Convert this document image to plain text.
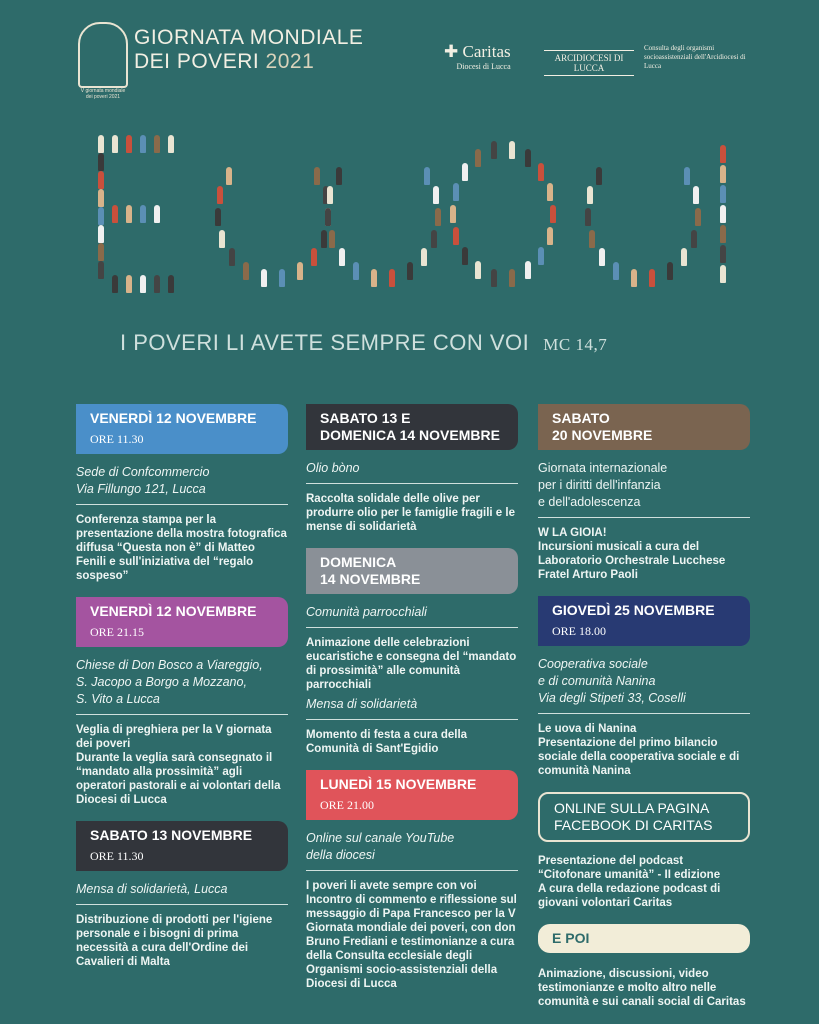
V giornata mondiale dei poveri 2021
GIORNATA MONDIALE
DEI POVERI 2021	✚ Caritas
Diocesi di Lucca
ARCIDIOCESI DI LUCCA
Consulta degli organismi socioassistenziali dell'Arcidiocesi di Lucca
I POVERI LI AVETE SEMPRE CON VOI MC 14,7
VENERDÌ 12 NOVEMBRE
ORE 11.30
Sede di Confcommercio
Via Fillungo 121, Lucca
Conferenza stampa per la presentazione della mostra fotografica diffusa “Questa non è” di Matteo Fenili e sull'iniziativa del “regalo sospeso”
VENERDÌ 12 NOVEMBRE
ORE 21.15
Chiese di Don Bosco a Viareggio,
S. Jacopo a Borgo a Mozzano,
S. Vito a Lucca
Veglia di preghiera per la V giornata dei poveri
Durante la veglia sarà consegnato il “mandato alla prossimità” agli operatori pastorali e ai volontari della Diocesi di Lucca
SABATO 13 NOVEMBRE
ORE 11.30
Mensa di solidarietà, Lucca
Distribuzione di prodotti per l'igiene personale e i bisogni di prima necessità a cura dell'Ordine dei Cavalieri di Malta
SABATO 13 E
DOMENICA 14 NOVEMBRE
Olio bòno
Raccolta solidale delle olive per produrre olio per le famiglie fragili e le mense di solidarietà
DOMENICA
14 NOVEMBRE
Comunità parrocchiali
Animazione delle celebrazioni eucaristiche e consegna del “mandato di prossimità” alle comunità parrocchiali
Mensa di solidarietà
Momento di festa a cura della Comunità di Sant'Egidio
LUNEDÌ 15 NOVEMBRE
ORE 21.00
Online sul canale YouTube
della diocesi
I poveri li avete sempre con voi
Incontro di commento e riflessione sul messaggio di Papa Francesco per la V Giornata mondiale dei poveri, con don Bruno Frediani e testimonianze a cura della Consulta ecclesiale degli Organismi socio-assistenziali della Diocesi di Lucca
SABATO
20 NOVEMBRE
Giornata internazionale
per i diritti dell'infanzia
e dell'adolescenza
W LA GIOIA!
Incursioni musicali a cura del Laboratorio Orchestrale Lucchese Fratel Arturo Paoli
GIOVEDÌ 25 NOVEMBRE
ORE 18.00
Cooperativa sociale
e di comunità Nanina
Via degli Stipeti 33, Coselli
Le uova di Nanina
Presentazione del primo bilancio sociale della cooperativa sociale e di comunità Nanina
ONLINE SULLA PAGINA
FACEBOOK DI CARITAS
Presentazione del podcast
“Citofonare umanità” - II edizione
A cura della redazione podcast di giovani volontari Caritas
E POI
Animazione, discussioni, video testimonianze e molto altro nelle comunità e sui canali social di Caritas
